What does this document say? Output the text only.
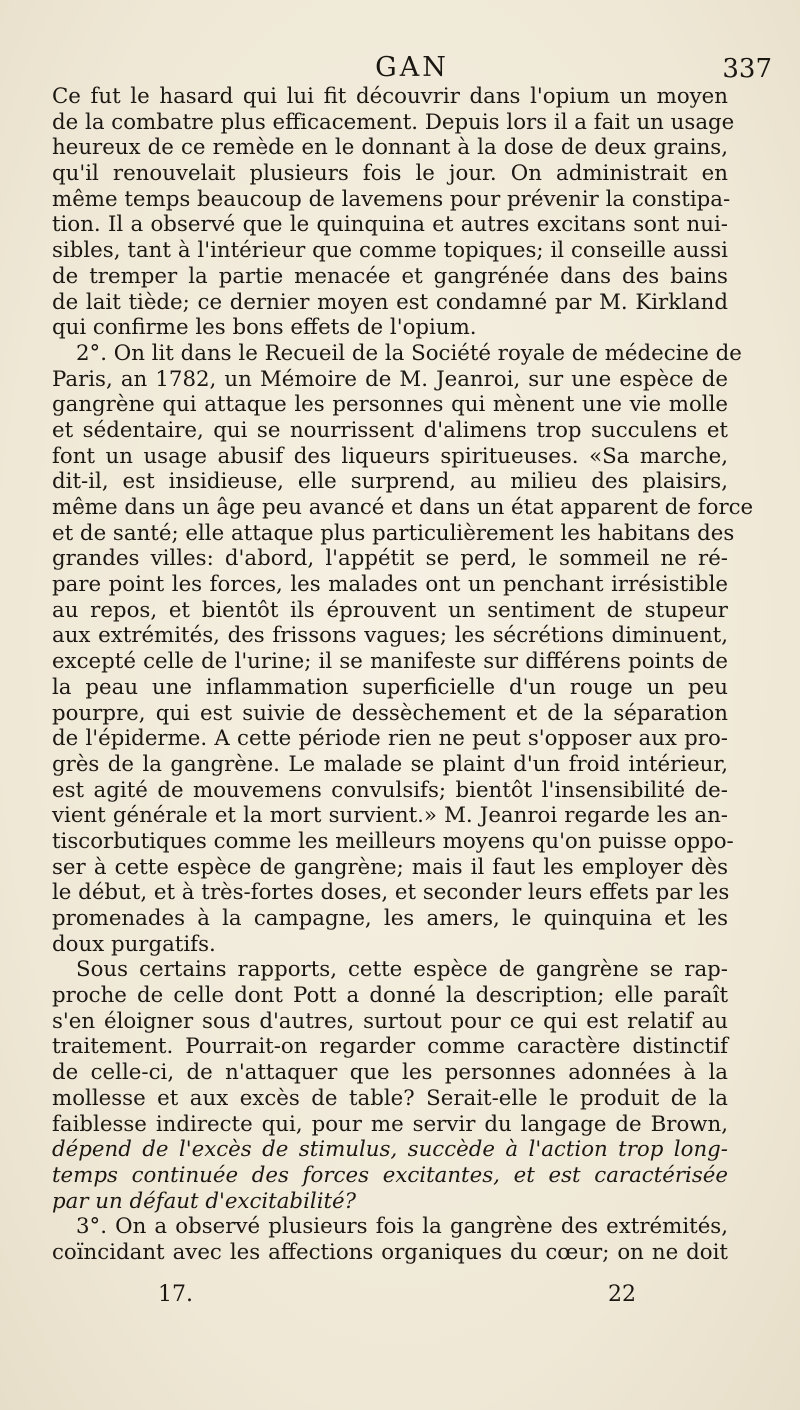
GAN	337
Ce fut le hasard qui lui fit découvrir dans l'opium un moyen
de la combatre plus efficacement. Depuis lors il a fait un usage
heureux de ce remède en le donnant à la dose de deux grains,
qu'il renouvelait plusieurs fois le jour. On administrait en
même temps beaucoup de lavemens pour prévenir la constipa-
tion. Il a observé que le quinquina et autres excitans sont nui-
sibles, tant à l'intérieur que comme topiques; il conseille aussi
de tremper la partie menacée et gangrénée dans des bains
de lait tiède; ce dernier moyen est condamné par M. Kirkland
qui confirme les bons effets de l'opium.
2°. On lit dans le Recueil de la Société royale de médecine de
Paris, an 1782, un Mémoire de M. Jeanroi, sur une espèce de
gangrène qui attaque les personnes qui mènent une vie molle
et sédentaire, qui se nourrissent d'alimens trop succulens et
font un usage abusif des liqueurs spiritueuses. «Sa marche,
dit-il, est insidieuse, elle surprend, au milieu des plaisirs,
même dans un âge peu avancé et dans un état apparent de force
et de santé; elle attaque plus particulièrement les habitans des
grandes villes: d'abord, l'appétit se perd, le sommeil ne ré-
pare point les forces, les malades ont un penchant irrésistible
au repos, et bientôt ils éprouvent un sentiment de stupeur
aux extrémités, des frissons vagues; les sécrétions diminuent,
excepté celle de l'urine; il se manifeste sur différens points de
la peau une inflammation superficielle d'un rouge un peu
pourpre, qui est suivie de dessèchement et de la séparation
de l'épiderme. A cette période rien ne peut s'opposer aux pro-
grès de la gangrène. Le malade se plaint d'un froid intérieur,
est agité de mouvemens convulsifs; bientôt l'insensibilité de-
vient générale et la mort survient.» M. Jeanroi regarde les an-
tiscorbutiques comme les meilleurs moyens qu'on puisse oppo-
ser à cette espèce de gangrène; mais il faut les employer dès
le début, et à très-fortes doses, et seconder leurs effets par les
promenades à la campagne, les amers, le quinquina et les
doux purgatifs.
Sous certains rapports, cette espèce de gangrène se rap-
proche de celle dont Pott a donné la description; elle paraît
s'en éloigner sous d'autres, surtout pour ce qui est relatif au
traitement. Pourrait-on regarder comme caractère distinctif
de celle-ci, de n'attaquer que les personnes adonnées à la
mollesse et aux excès de table? Serait-elle le produit de la
faiblesse indirecte qui, pour me servir du langage de Brown,
dépend de l'excès de stimulus, succède à l'action trop long-
temps continuée des forces excitantes, et est caractérisée
par un défaut d'excitabilité?
3°. On a observé plusieurs fois la gangrène des extrémités,
coïncidant avec les affections organiques du cœur; on ne doit
17.	22
